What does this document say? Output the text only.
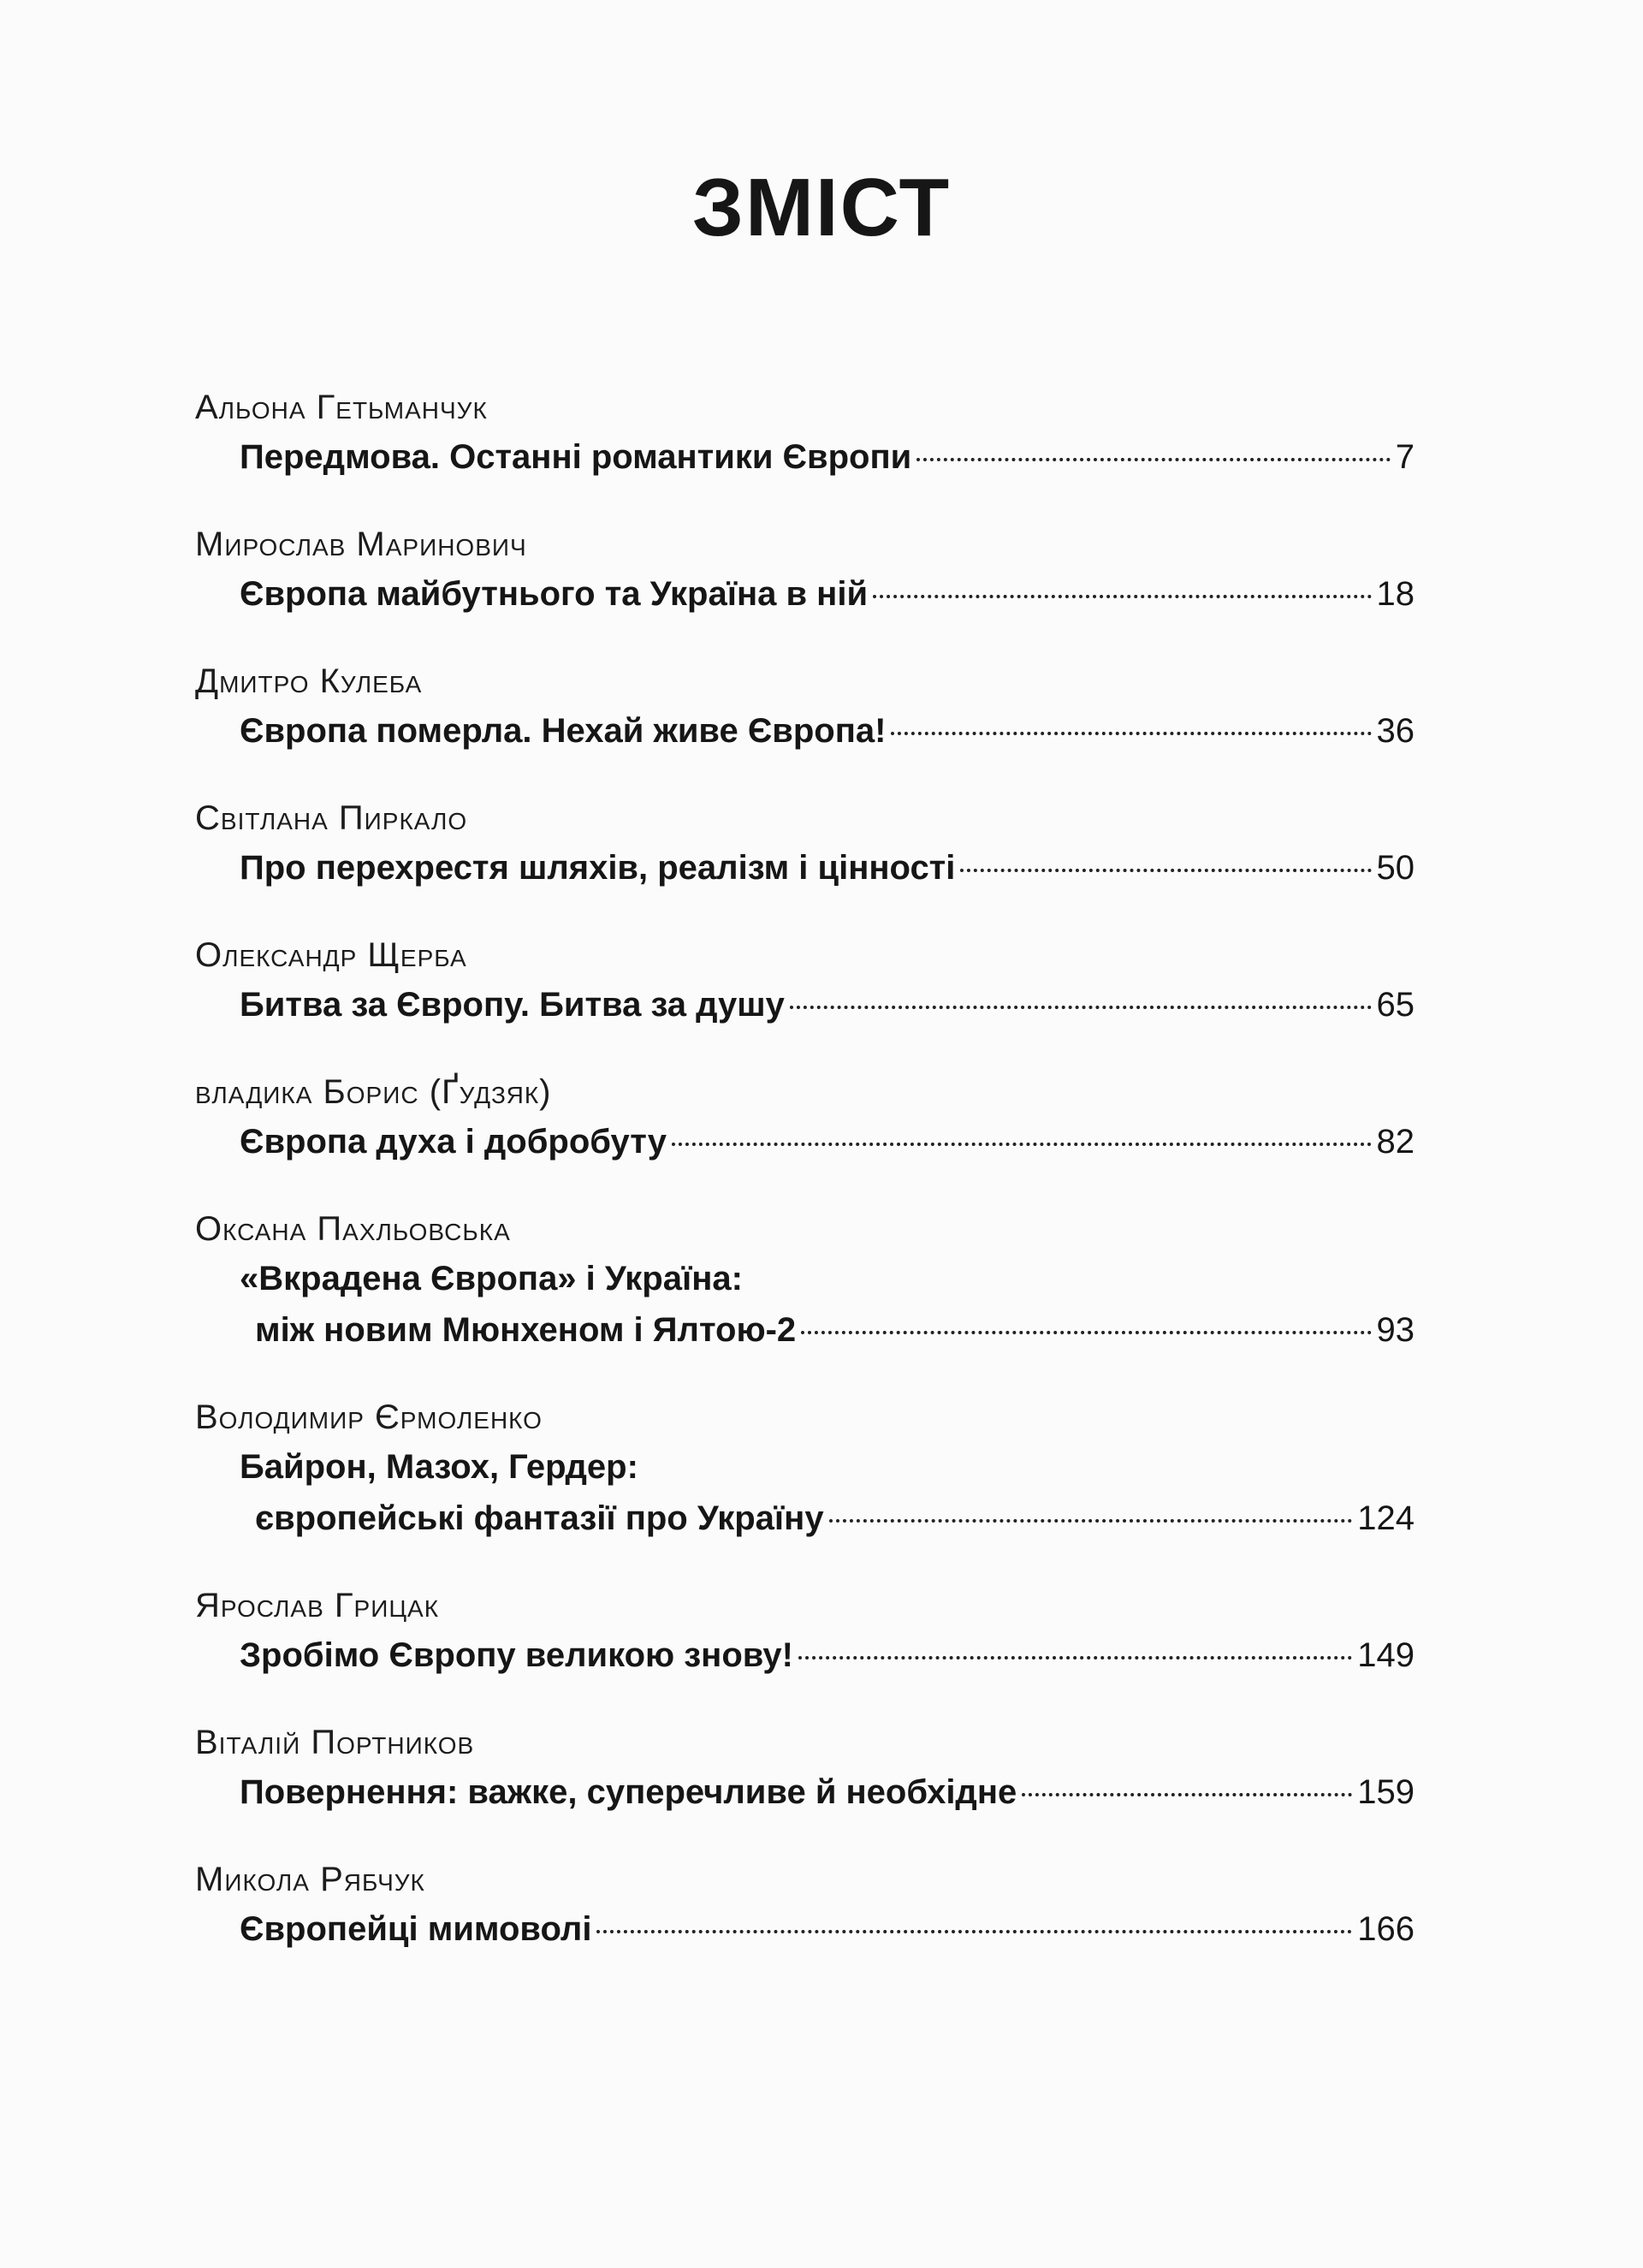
ЗМІСТ
Альона Гетьманчук
Передмова. Останні романтики Європи	7
Мирослав Маринович
Європа майбутнього та Україна в ній	18
Дмитро Кулеба
Європа померла. Нехай живе Європа!	36
Світлана Пиркало
Про перехрестя шляхів, реалізм і цінності	50
Олександр Щерба
Битва за Європу. Битва за душу	65
владика Борис (Ґудзяк)
Європа духа і добробуту	82
Оксана Пахльовська
«Вкрадена Європа» і Україна:
між новим Мюнхеном і Ялтою-2	93
Володимир Єрмоленко
Байрон, Мазох, Гердер:
європейські фантазії про Україну	124
Ярослав Грицак
Зробімо Європу великою знову!	149
Віталій Портников
Повернення: важке, суперечливе й необхідне	159
Микола Рябчук
Європейці мимоволі	166
